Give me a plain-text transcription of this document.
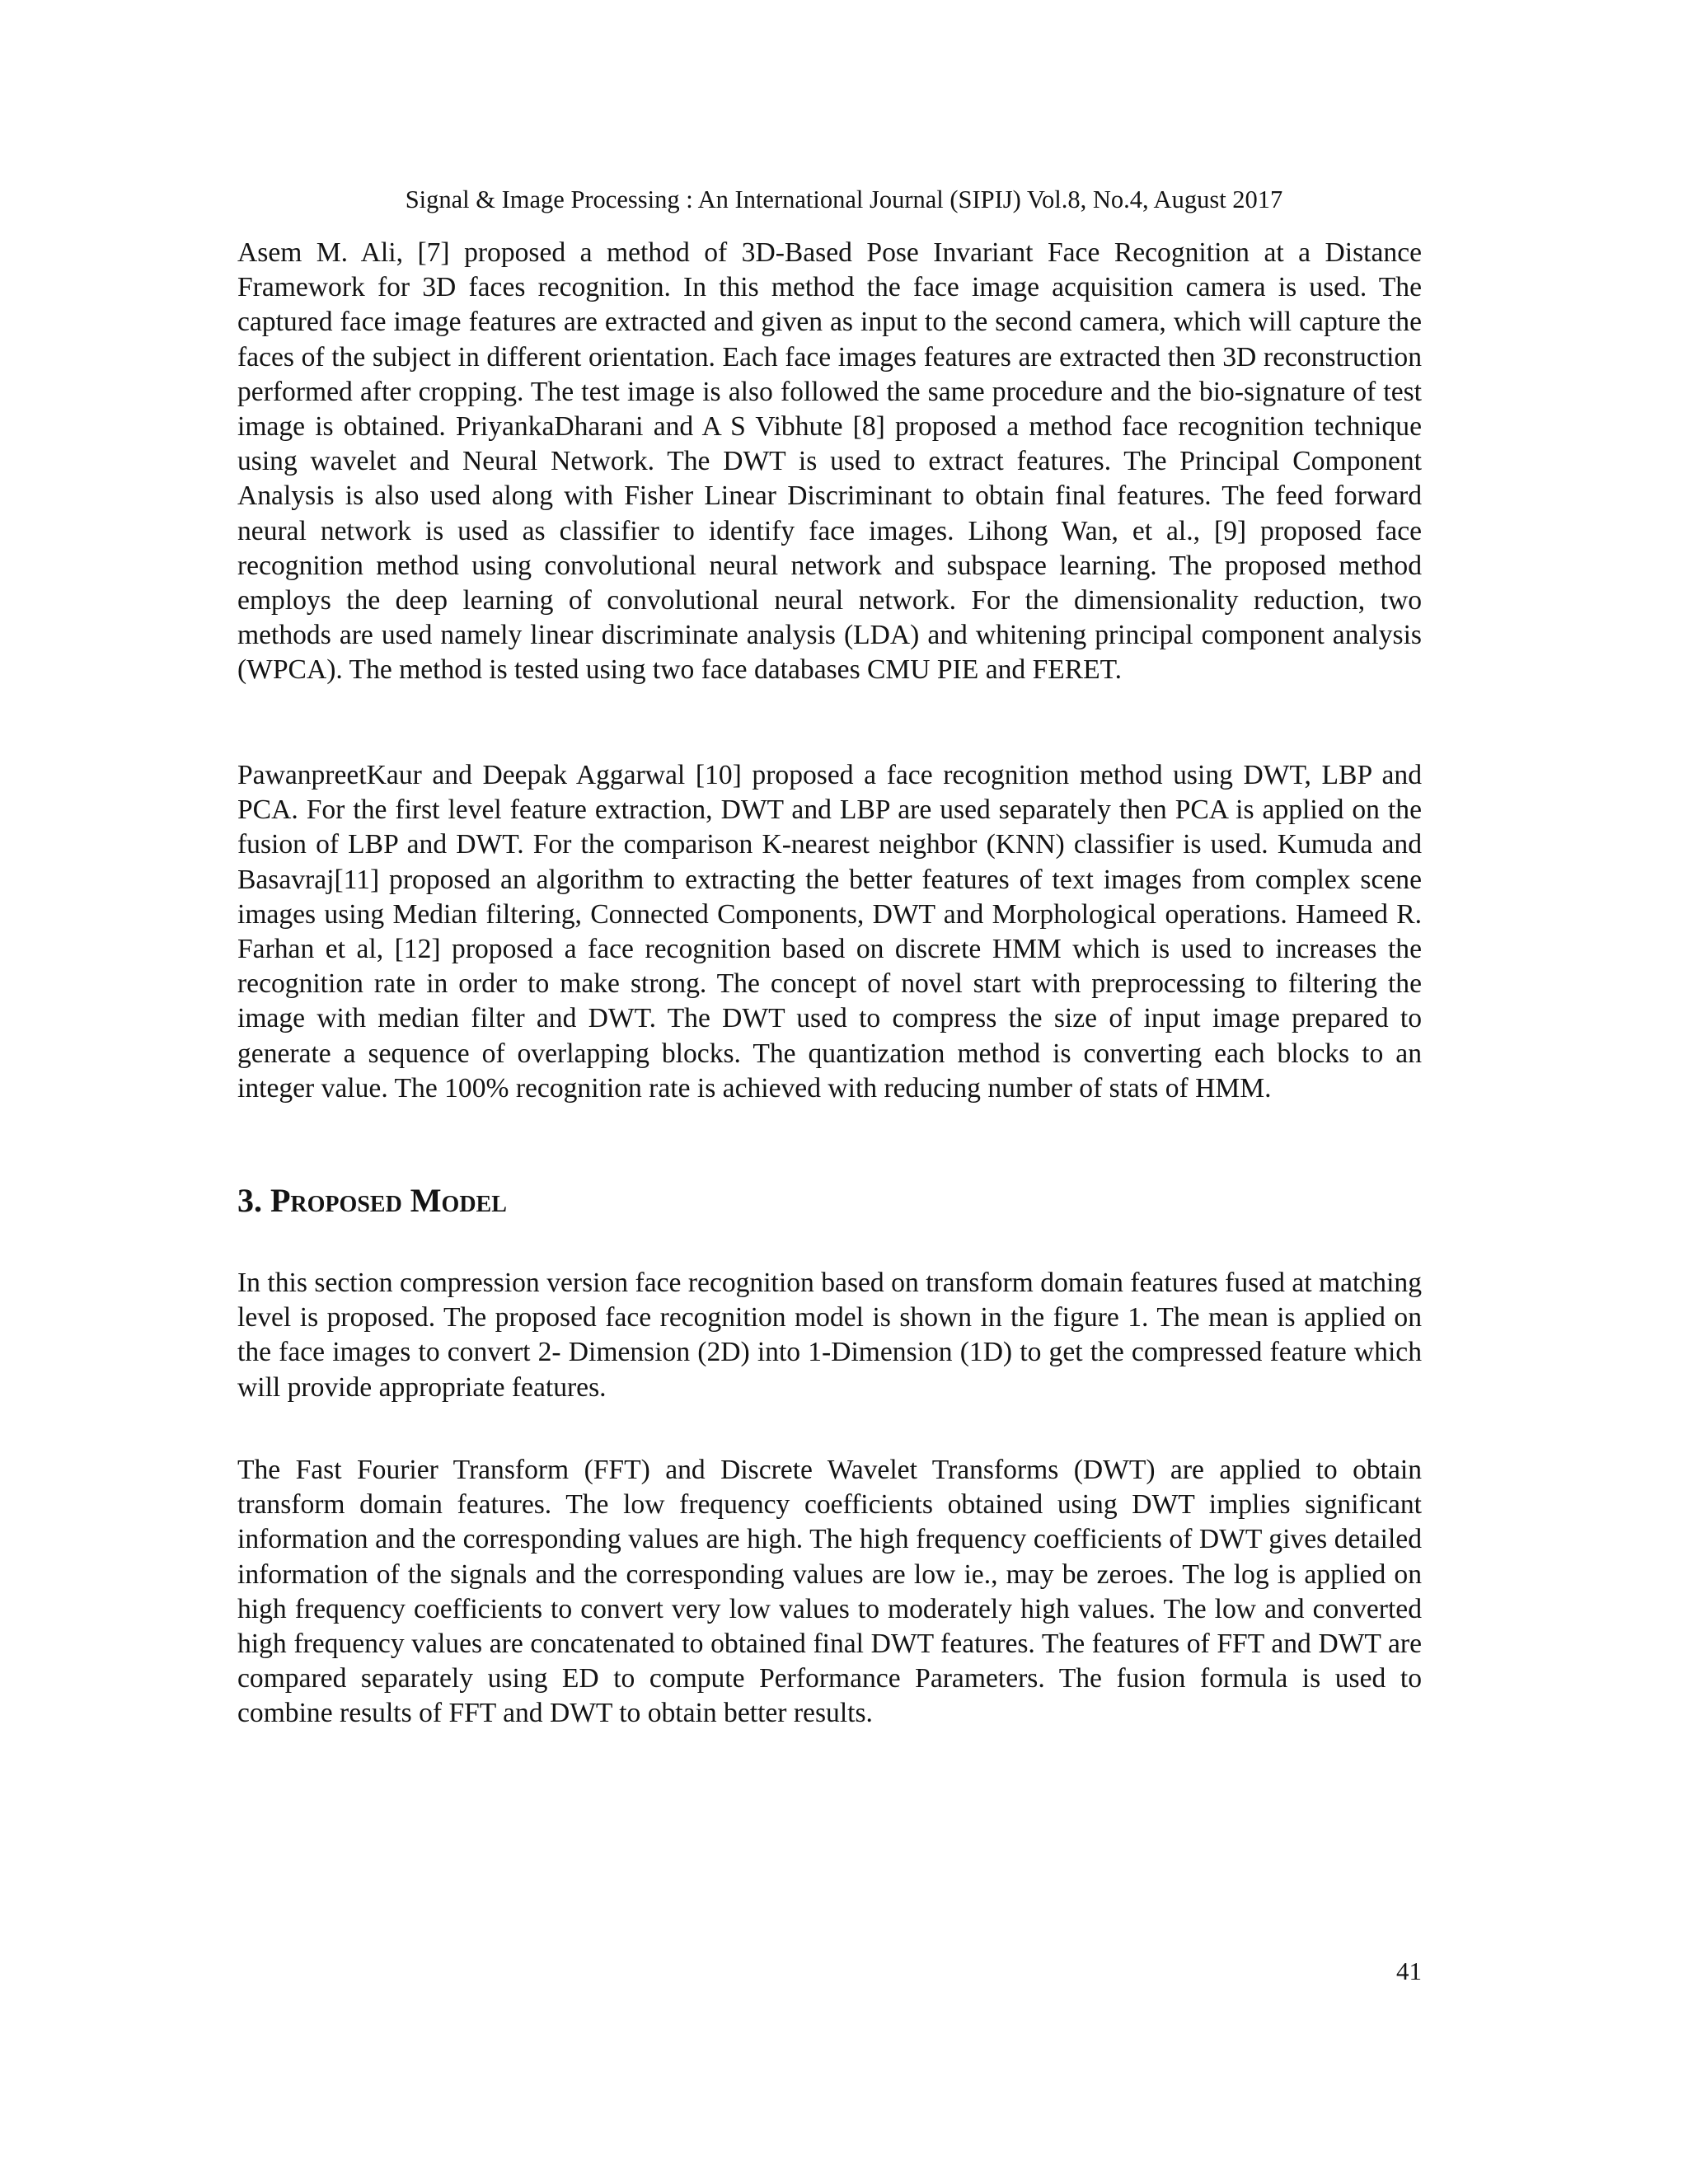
Signal & Image Processing : An International Journal (SIPIJ) Vol.8, No.4, August 2017

Asem M. Ali, [7] proposed a method of 3D-Based Pose Invariant Face Recognition at a Distance Framework for 3D faces recognition. In this method the face image acquisition camera is used. The captured face image features are extracted and given as input to the second camera, which will capture the faces of the subject in different orientation. Each face images features are extracted then 3D reconstruction performed after cropping. The test image is also followed the same procedure and the bio-signature of test image is obtained. PriyankaDharani and A S Vibhute [8] proposed a method face recognition technique using wavelet and Neural Network. The DWT is used to extract features. The Principal Component Analysis is also used along with Fisher Linear Discriminant to obtain final features. The feed forward neural network is used as classifier to identify face images. Lihong Wan, et al., [9] proposed face recognition method using convolutional neural network and subspace learning. The proposed method employs the deep learning of convolutional neural network. For the dimensionality reduction, two methods are used namely linear discriminate analysis (LDA) and whitening principal component analysis (WPCA). The method is tested using two face databases CMU PIE and FERET.

PawanpreetKaur and Deepak Aggarwal [10] proposed a face recognition method using DWT, LBP and PCA. For the first level feature extraction, DWT and LBP are used separately then PCA is applied on the fusion of LBP and DWT. For the comparison K-nearest neighbor (KNN) classifier is used. Kumuda and Basavraj[11] proposed an algorithm to extracting the better features of text images from complex scene images using Median filtering, Connected Components, DWT and Morphological operations. Hameed R. Farhan et al, [12] proposed a face recognition based on discrete HMM which is used to increases the recognition rate in order to make strong. The concept of novel start with preprocessing to filtering the image with median filter and DWT. The DWT used to compress the size of input image prepared to generate a sequence of overlapping blocks. The quantization method is converting each blocks to an integer value. The 100% recognition rate is achieved with reducing number of stats of HMM.

3. Proposed Model

In this section compression version face recognition based on transform domain features fused at matching level is proposed. The proposed face recognition model is shown in the figure 1. The mean is applied on the face images to convert 2- Dimension (2D) into 1-Dimension (1D) to get the compressed feature which will provide appropriate features.

The Fast Fourier Transform (FFT) and Discrete Wavelet Transforms (DWT) are applied to obtain transform domain features. The low frequency coefficients obtained using DWT implies significant information and the corresponding values are high. The high frequency coefficients of DWT gives detailed information of the signals and the corresponding values are low ie., may be zeroes. The log is applied on high frequency coefficients to convert very low values to moderately high values. The low and converted high frequency values are concatenated to obtained final DWT features. The features of FFT and DWT are compared separately using ED to compute Performance Parameters. The fusion formula is used to combine results of FFT and DWT to obtain better results.

41
